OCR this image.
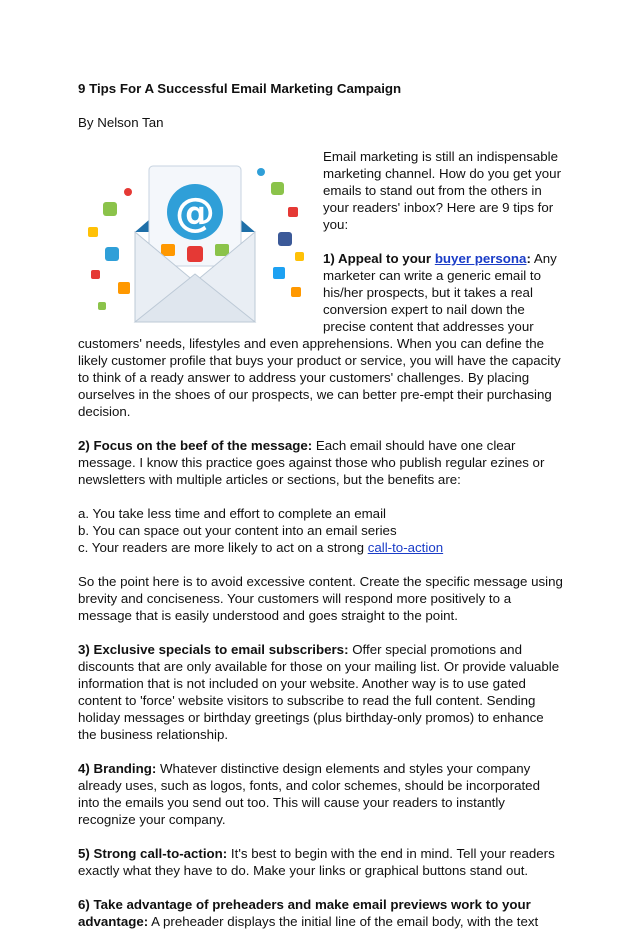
9 Tips For A Successful Email Marketing Campaign

By Nelson Tan

@

Email marketing is still an indispensable marketing channel. How do you get your emails to stand out from the others in your readers' inbox? Here are 9 tips for you:

1) Appeal to your buyer persona: Any marketer can write a generic email to his/her prospects, but it takes a real conversion expert to nail down the precise content that addresses your

customers' needs, lifestyles and even apprehensions. When you can define the likely customer profile that buys your product or service, you will have the capacity to think of a ready answer to address your customers' challenges. By placing ourselves in the shoes of our prospects, we can better pre-empt their purchasing decision.

2) Focus on the beef of the message: Each email should have one clear message. I know this practice goes against those who publish regular ezines or newsletters with multiple articles or sections, but the benefits are:

a. You take less time and effort to complete an email

b. You can space out your content into an email series

c. Your readers are more likely to act on a strong call-to-action

So the point here is to avoid excessive content. Create the specific message using brevity and conciseness. Your customers will respond more positively to a message that is easily understood and goes straight to the point.

3) Exclusive specials to email subscribers: Offer special promotions and discounts that are only available for those on your mailing list. Or provide valuable information that is not included on your website. Another way is to use gated content to 'force' website visitors to subscribe to read the full content. Sending holiday messages or birthday greetings (plus birthday-only promos) to enhance the business relationship.

4) Branding: Whatever distinctive design elements and styles your company already uses, such as logos, fonts, and color schemes, should be incorporated into the emails you send out too. This will cause your readers to instantly recognize your company.

5) Strong call-to-action: It's best to begin with the end in mind. Tell your readers exactly what they have to do. Make your links or graphical buttons stand out.

6) Take advantage of preheaders and make email previews work to your advantage: A preheader displays the initial line of the email body, with the text
